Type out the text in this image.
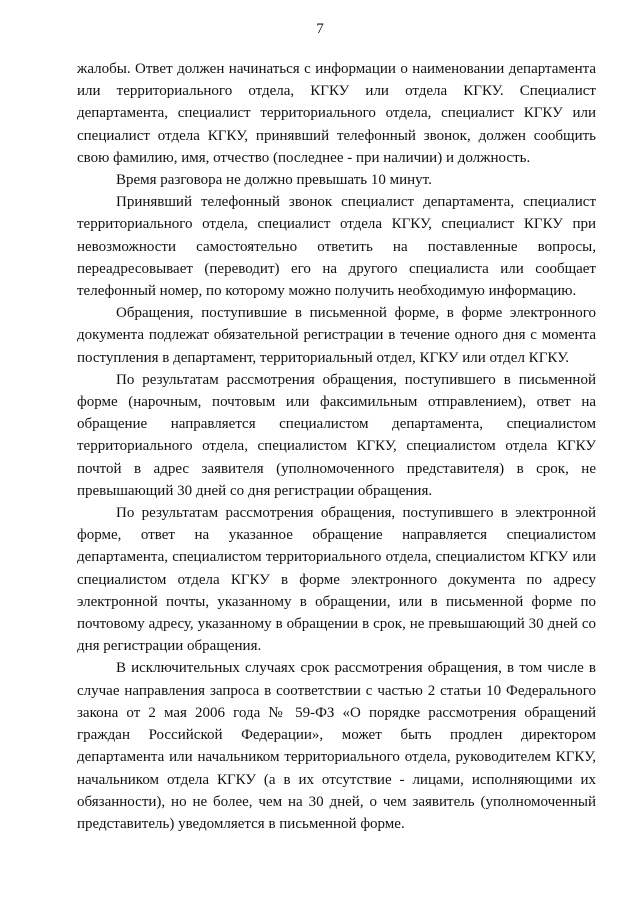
7

жалобы. Ответ должен начинаться с информации о наименовании департамента или территориального отдела, КГКУ или отдела КГКУ. Специалист департамента, специалист территориального отдела, специалист КГКУ или специалист отдела КГКУ, принявший телефонный звонок, должен сообщить свою фамилию, имя, отчество (последнее - при наличии) и должность.

Время разговора не должно превышать 10 минут.

Принявший телефонный звонок специалист департамента, специалист территориального отдела, специалист отдела КГКУ, специалист КГКУ при невозможности самостоятельно ответить на поставленные вопросы, переадресовывает (переводит) его на другого специалиста или сообщает телефонный номер, по которому можно получить необходимую информацию.

Обращения, поступившие в письменной форме, в форме электронного документа подлежат обязательной регистрации в течение одного дня с момента поступления в департамент, территориальный отдел, КГКУ или отдел КГКУ.

По результатам рассмотрения обращения, поступившего в письменной форме (нарочным, почтовым или факсимильным отправлением), ответ на обращение направляется специалистом департамента, специалистом территориального отдела, специалистом КГКУ, специалистом отдела КГКУ почтой в адрес заявителя (уполномоченного представителя) в срок, не превышающий 30 дней со дня регистрации обращения.

По результатам рассмотрения обращения, поступившего в электронной форме, ответ на указанное обращение направляется специалистом департамента, специалистом территориального отдела, специалистом КГКУ или специалистом отдела КГКУ в форме электронного документа по адресу электронной почты, указанному в обращении, или в письменной форме по почтовому адресу, указанному в обращении в срок, не превышающий 30 дней со дня регистрации обращения.

В исключительных случаях срок рассмотрения обращения, в том числе в случае направления запроса в соответствии с частью 2 статьи 10 Федерального закона от 2 мая 2006 года № 59-ФЗ «О порядке рассмотрения обращений граждан Российской Федерации», может быть продлен директором департамента или начальником территориального отдела, руководителем КГКУ, начальником отдела КГКУ (а в их отсутствие - лицами, исполняющими их обязанности), но не более, чем на 30 дней, о чем заявитель (уполномоченный представитель) уведомляется в письменной форме.
